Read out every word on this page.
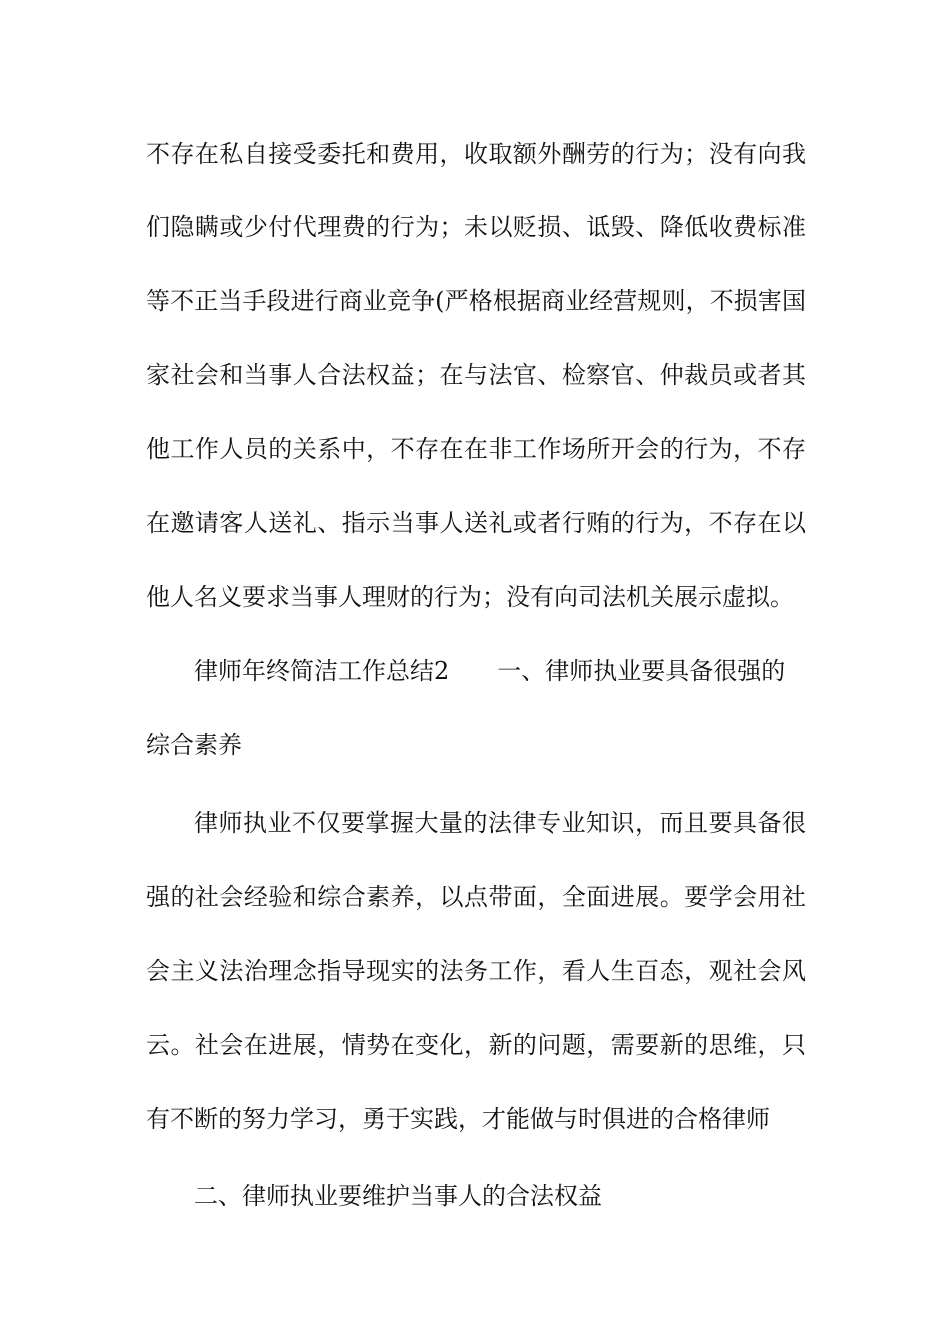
不存在私自接受委托和费用，收取额外酬劳的行为；没有向我
们隐瞒或少付代理费的行为；未以贬损、诋毁、降低收费标准
等不正当手段进行商业竞争(严格根据商业经营规则，不损害国
家社会和当事人合法权益；在与法官、检察官、仲裁员或者其
他工作人员的关系中，不存在在非工作场所开会的行为，不存
在邀请客人送礼、指示当事人送礼或者行贿的行为，不存在以
他人名义要求当事人理财的行为；没有向司法机关展示虚拟。
律师年终简洁工作总结2 一、律师执业要具备很强的
综合素养
律师执业不仅要掌握大量的法律专业知识，而且要具备很
强的社会经验和综合素养，以点带面，全面进展。要学会用社
会主义法治理念指导现实的法务工作，看人生百态，观社会风
云。社会在进展，情势在变化，新的问题，需要新的思维，只
有不断的努力学习，勇于实践，才能做与时俱进的合格律师
二、律师执业要维护当事人的合法权益
